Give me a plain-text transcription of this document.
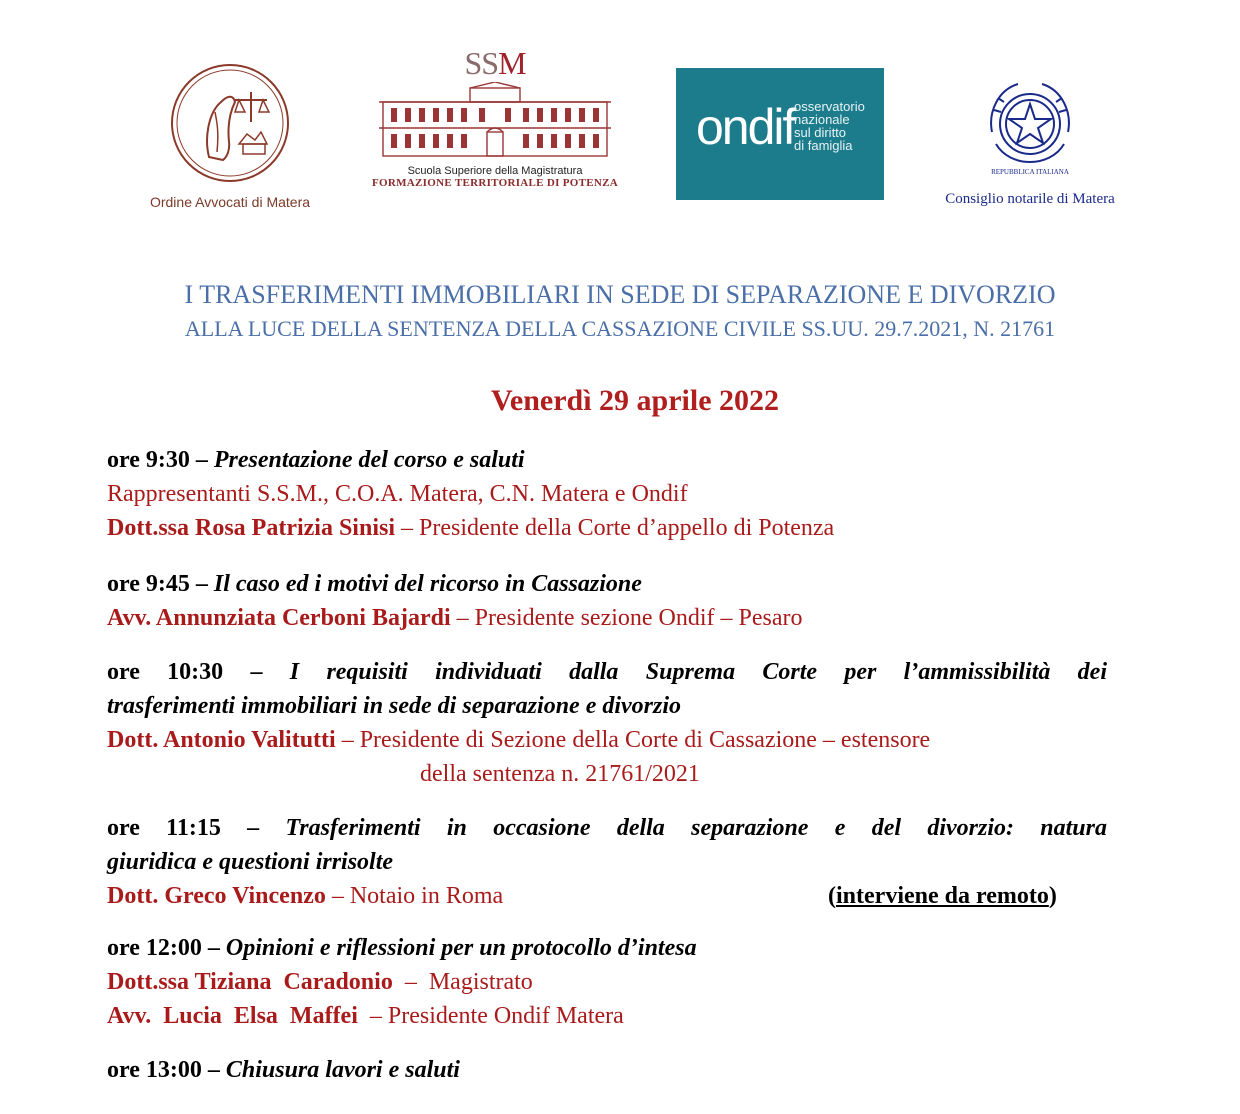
Ordine Avvocati di Matera
SSM
Scuola Superiore della Magistratura
FORMAZIONE TERRITORIALE DI POTENZA
ondif osservatorio
nazionale
sul diritto
di famiglia
REPUBBLICA ITALIANA
Consiglio notarile di Matera
I TRASFERIMENTI IMMOBILIARI IN SEDE DI SEPARAZIONE E DIVORZIO
ALLA LUCE DELLA SENTENZA DELLA CASSAZIONE CIVILE SS.UU. 29.7.2021, N. 21761
Venerdì 29 aprile 2022
ore 9:30 – Presentazione del corso e saluti
Rappresentanti S.S.M., C.O.A. Matera, C.N. Matera e Ondif
Dott.ssa Rosa Patrizia Sinisi – Presidente della Corte d’appello di Potenza
ore 9:45 – Il caso ed i motivi del ricorso in Cassazione
Avv. Annunziata Cerboni Bajardi – Presidente sezione Ondif – Pesaro
ore 10:30 – I requisiti individuati dalla Suprema Corte per l’ammissibilità dei
trasferimenti immobiliari in sede di separazione e divorzio
Dott. Antonio Valitutti – Presidente di Sezione della Corte di Cassazione – estensore
della sentenza n. 21761/2021
ore 11:15 – Trasferimenti in occasione della separazione e del divorzio: natura
giuridica e questioni irrisolte
Dott. Greco Vincenzo – Notaio in Roma	(interviene da remoto)
ore 12:00 – Opinioni e riflessioni per un protocollo d’intesa
Dott.ssa Tiziana  Caradonio –  Magistrato
Avv.  Lucia  Elsa  Maffei – Presidente Ondif Matera
ore 13:00 – Chiusura lavori e saluti
